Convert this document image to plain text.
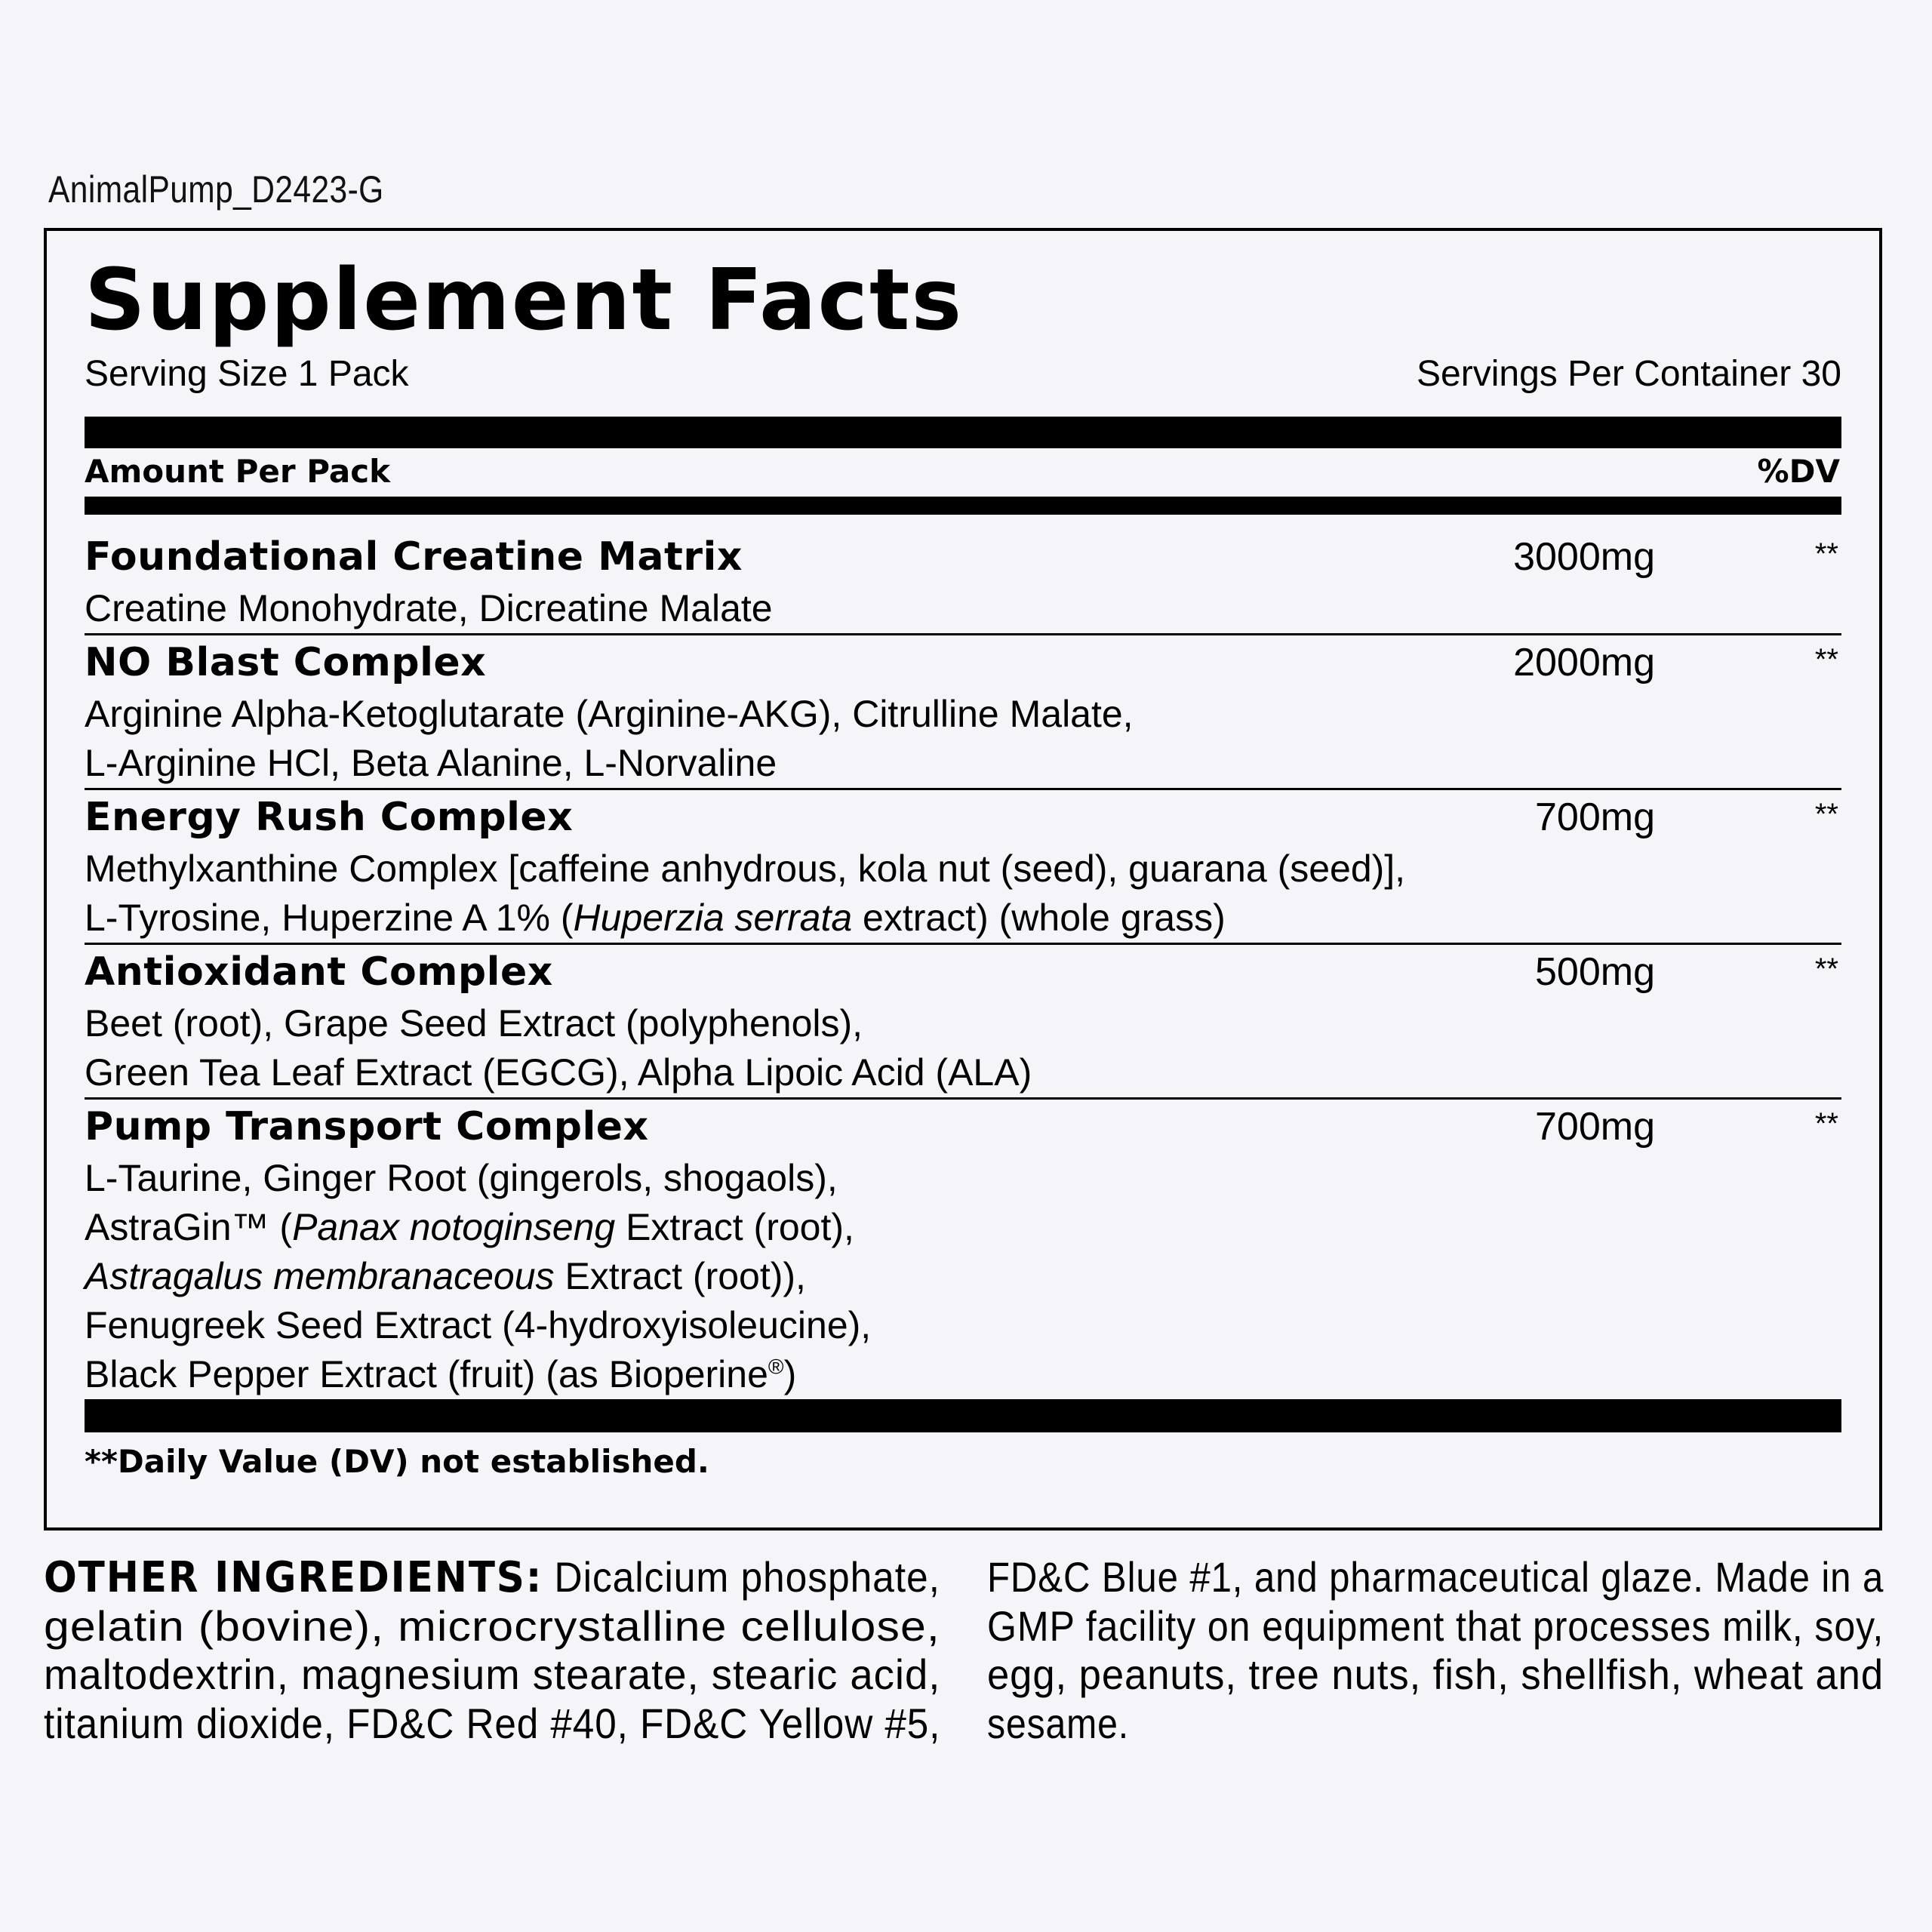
AnimalPump_D2423-G
Supplement Facts
Serving Size 1 Pack	Servings Per Container 30
Amount Per Pack	%DV
Foundational Creatine Matrix	3000mg	**
Creatine Monohydrate, Dicreatine Malate
NO Blast Complex	2000mg	**
Arginine Alpha-Ketoglutarate (Arginine-AKG), Citrulline Malate,
L-Arginine HCl, Beta Alanine, L-Norvaline
Energy Rush Complex	700mg	**
Methylxanthine Complex [caffeine anhydrous, kola nut (seed), guarana (seed)],
L-Tyrosine, Huperzine A 1% (Huperzia serrata extract) (whole grass)
Antioxidant Complex	500mg	**
Beet (root), Grape Seed Extract (polyphenols),
Green Tea Leaf Extract (EGCG), Alpha Lipoic Acid (ALA)
Pump Transport Complex	700mg	**
L-Taurine, Ginger Root (gingerols, shogaols),
AstraGin™ (Panax notoginseng Extract (root),
Astragalus membranaceous Extract (root)),
Fenugreek Seed Extract (4-hydroxyisoleucine),
Black Pepper Extract (fruit) (as Bioperine®)
**Daily Value (DV) not established.
OTHER INGREDIENTS: Dicalcium phosphate,
gelatin (bovine), microcrystalline cellulose,
maltodextrin, magnesium stearate, stearic acid,
titanium dioxide, FD&C Red #40, FD&C Yellow #5,
FD&C Blue #1, and pharmaceutical glaze. Made in a
GMP facility on equipment that processes milk, soy,
egg, peanuts, tree nuts, fish, shellfish, wheat and
sesame.
